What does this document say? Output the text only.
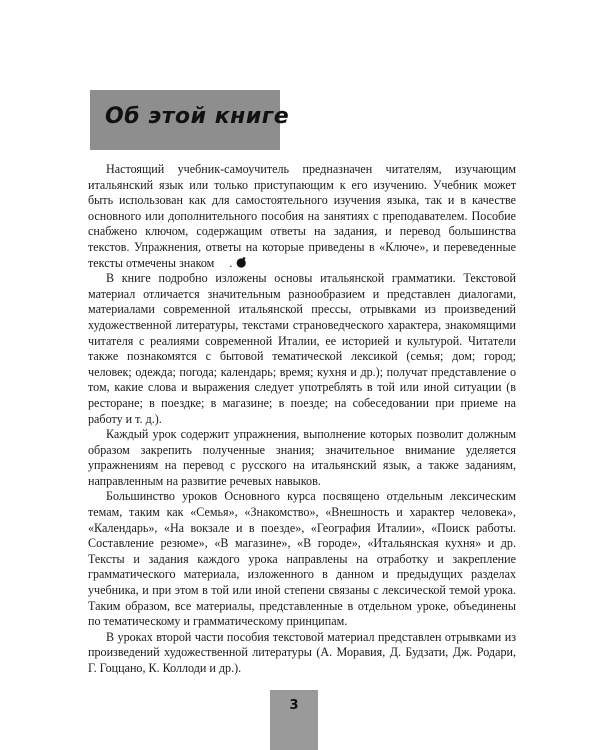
Об этой книге

Настоящий учебник-самоучитель предназначен читателям, изучающим итальянский язык или только приступающим к его изучению. Учебник может быть использован как для самостоятельного изучения языка, так и в качестве основного или дополнительного пособия на занятиях с преподавателем. Пособие снабжено ключом, содержащим ответы на задания, и перевод большинства текстов. Упражнения, ответы на которые приведены в «Ключе», и переведенные тексты отмечены знаком .

В книге подробно изложены основы итальянской грамматики. Текстовой материал отличается значительным разнообразием и представлен диалогами, материалами современной итальянской прессы, отрывками из произведений художественной литературы, текстами страноведческого характера, знакомящими читателя с реалиями современной Италии, ее историей и культурой. Читатели также познакомятся с бытовой тематической лексикой (семья; дом; город; человек; одежда; погода; календарь; время; кухня и др.); получат представление о том, какие слова и выражения следует употреблять в той или иной ситуации (в ресторане; в поездке; в магазине; в поезде; на собеседовании при приеме на работу и т. д.).

Каждый урок содержит упражнения, выполнение которых позволит должным образом закрепить полученные знания; значительное внимание уделяется упражнениям на перевод с русского на итальянский язык, а также заданиям, направленным на развитие речевых навыков.

Большинство уроков Основного курса посвящено отдельным лексическим темам, таким как «Семья», «Знакомство», «Внешность и характер человека», «Календарь», «На вокзале и в поезде», «География Италии», «Поиск работы. Составление резюме», «В магазине», «В городе», «Итальянская кухня» и др. Тексты и задания каждого урока направлены на отработку и закрепление грамматического материала, изложенного в данном и предыдущих разделах учебника, и при этом в той или иной степени связаны с лексической темой урока. Таким образом, все материалы, представленные в отдельном уроке, объединены по тематическому и грамматическому принципам.

В уроках второй части пособия текстовой материал представлен отрывками из произведений художественной литературы (А. Моравия, Д. Будзати, Дж. Родари, Г. Гоццано, К. Коллоди и др.).

3
